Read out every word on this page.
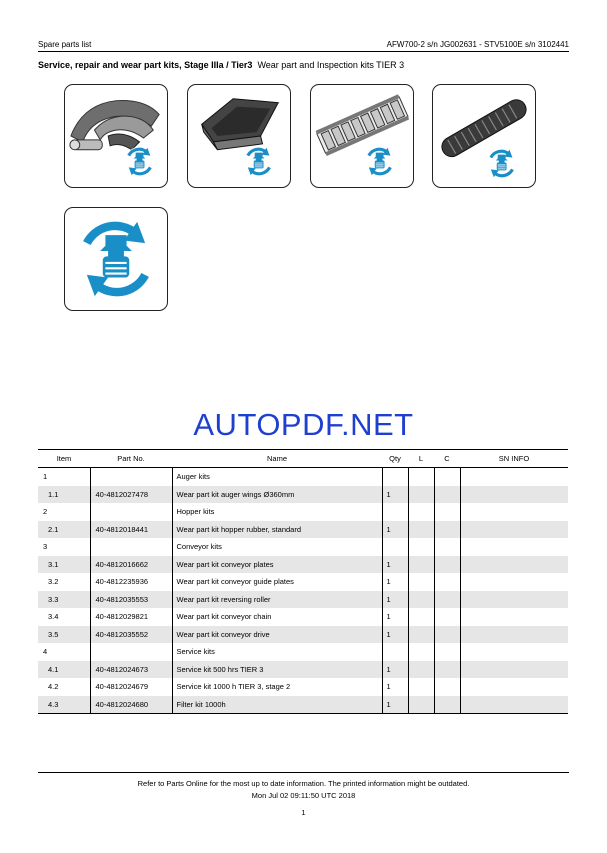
Spare parts list	AFW700-2 s/n JG002631 - STV5100E s/n 3102441
Service, repair and wear part kits, Stage IIIa / Tier3 Wear part and Inspection kits TIER 3
AUTOPDF.NET
Item	Part No.	Name	Qty	L	C	SN INFO
1		Auger kits				
1.1	40-4812027478	Wear part kit auger wings Ø360mm	1			
2		Hopper kits				
2.1	40-4812018441	Wear part kit hopper rubber, standard	1			
3		Conveyor kits				
3.1	40-4812016662	Wear part kit conveyor plates	1			
3.2	40-4812235936	Wear part kit conveyor guide plates	1			
3.3	40-4812035553	Wear part kit reversing roller	1			
3.4	40-4812029821	Wear part kit conveyor chain	1			
3.5	40-4812035552	Wear part kit conveyor drive	1			
4		Service kits				
4.1	40-4812024673	Service kit 500 hrs TIER 3	1			
4.2	40-4812024679	Service kit 1000 h TIER 3, stage 2	1			
4.3	40-4812024680	Filter kit 1000h	1			
Refer to Parts Online for the most up to date information. The printed information might be outdated.
Mon Jul 02 09:11:50 UTC 2018
1
